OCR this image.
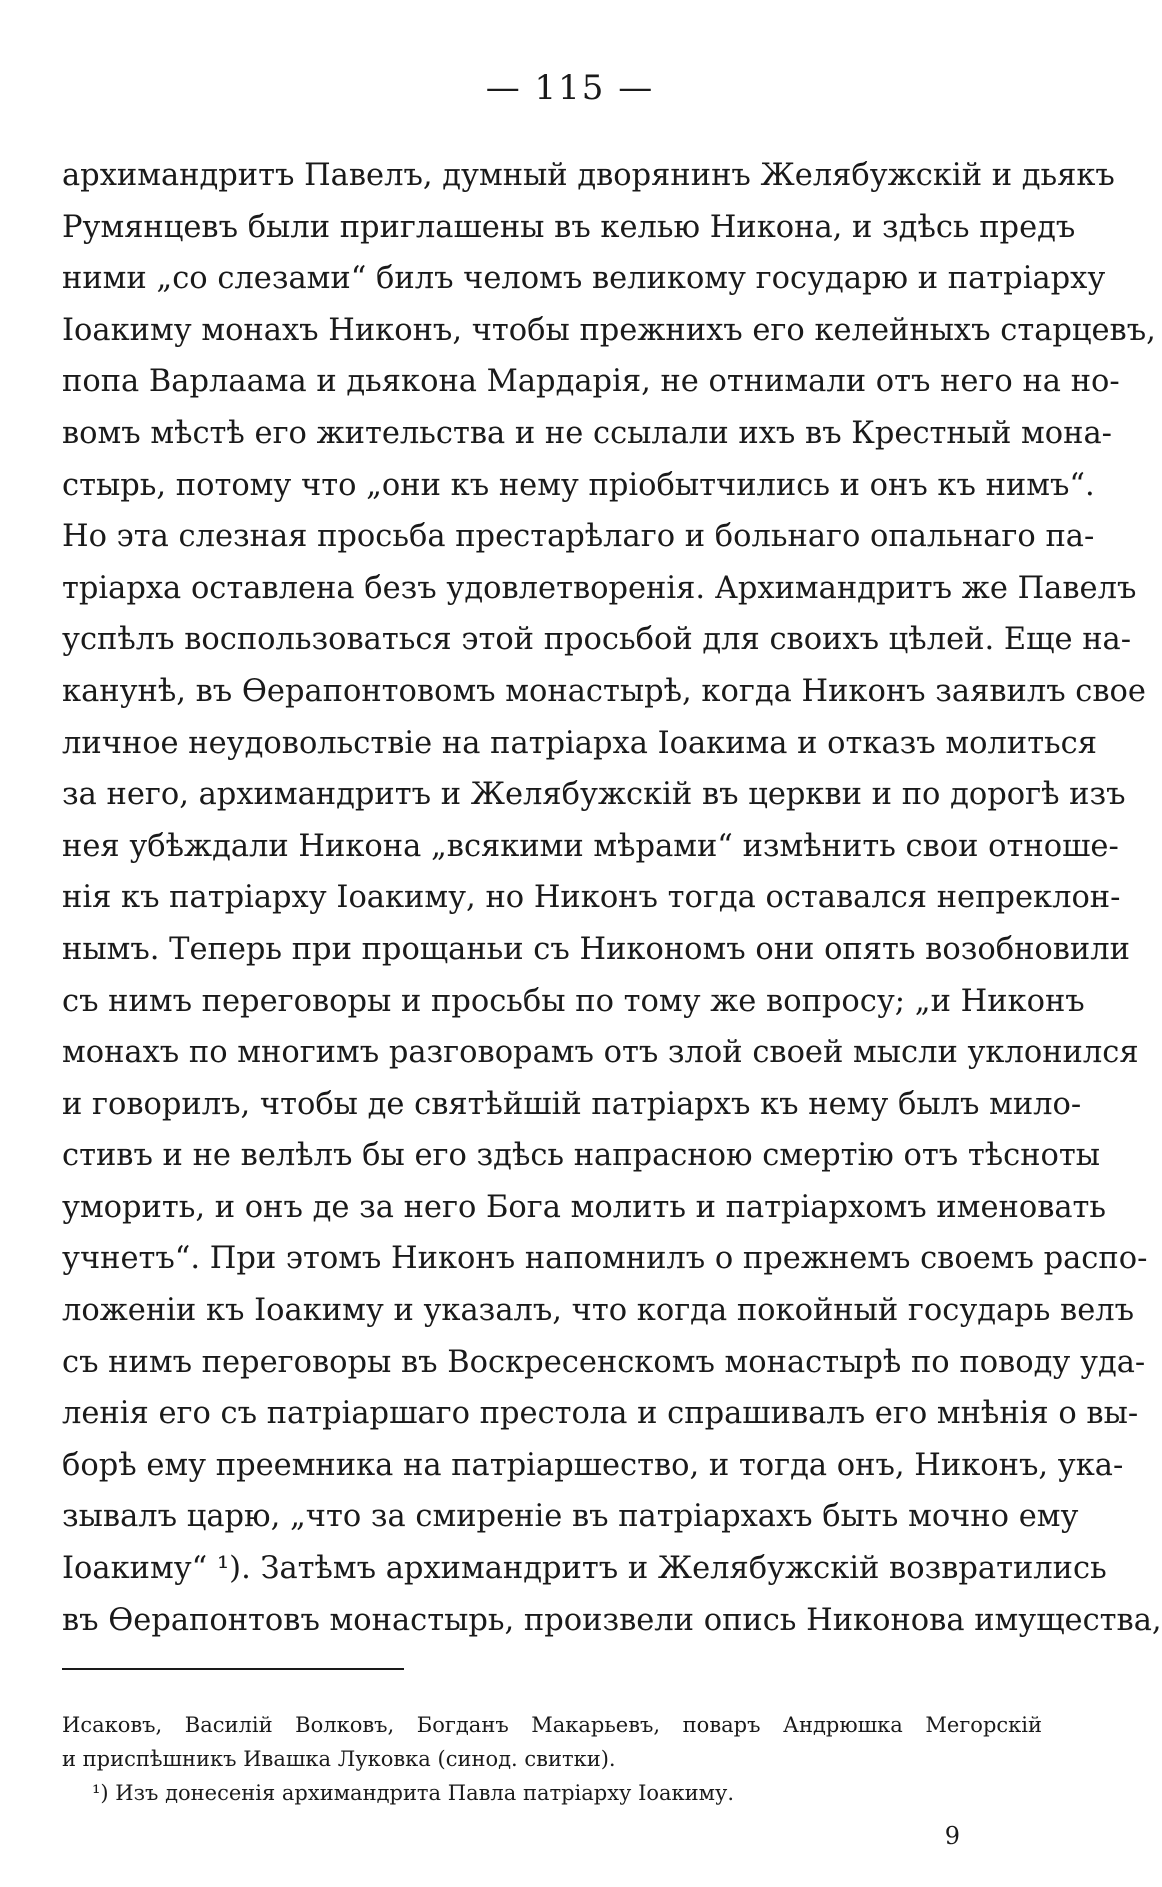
— 115 —
архимандритъ Павелъ, думный дворянинъ Желябужскій и дьякъ
Румянцевъ были приглашены въ келью Никона, и здѣсь предъ
ними „со слезами“ билъ челомъ великому государю и патріарху
Іоакиму монахъ Никонъ, чтобы прежнихъ его келейныхъ старцевъ,
попа Варлаама и дьякона Мардарія, не отнимали отъ него на но-
вомъ мѣстѣ его жительства и не ссылали ихъ въ Крестный мона-
стырь, потому что „они къ нему пріобытчились и онъ къ нимъ“.
Но эта слезная просьба престарѣлаго и больнаго опальнаго па-
тріарха оставлена безъ удовлетворенія. Архимандритъ же Павелъ
успѣлъ воспользоваться этой просьбой для своихъ цѣлей. Еще на-
канунѣ, въ Ѳерапонтовомъ монастырѣ, когда Никонъ заявилъ свое
личное неудовольствіе на патріарха Іоакима и отказъ молиться
за него, архимандритъ и Желябужскій въ церкви и по дорогѣ изъ
нея убѣждали Никона „всякими мѣрами“ измѣнить свои отноше-
нія къ патріарху Іоакиму, но Никонъ тогда оставался непреклон-
нымъ. Теперь при прощаньи съ Никономъ они опять возобновили
съ нимъ переговоры и просьбы по тому же вопросу; „и Никонъ
монахъ по многимъ разговорамъ отъ злой своей мысли уклонился
и говорилъ, чтобы де святѣйшій патріархъ къ нему былъ мило-
стивъ и не велѣлъ бы его здѣсь напрасною смертію отъ тѣсноты
уморить, и онъ де за него Бога молить и патріархомъ именовать
учнетъ“. При этомъ Никонъ напомнилъ о прежнемъ своемъ распо-
ложеніи къ Іоакиму и указалъ, что когда покойный государь велъ
съ нимъ переговоры въ Воскресенскомъ монастырѣ по поводу уда-
ленія его съ патріаршаго престола и спрашивалъ его мнѣнія о вы-
борѣ ему преемника на патріаршество, и тогда онъ, Никонъ, ука-
зывалъ царю, „что за смиреніе въ патріархахъ быть мочно ему
Іоакиму“ ¹). Затѣмъ архимандритъ и Желябужскій возвратились
въ Ѳерапонтовъ монастырь, произвели опись Никонова имущества,
Исаковъ, Василій Волковъ, Богданъ Макарьевъ, поваръ Андрюшка Мегорскій
и приспѣшникъ Ивашка Луковка (синод. свитки).
¹) Изъ донесенія архимандрита Павла патріарху Іоакиму.
9
